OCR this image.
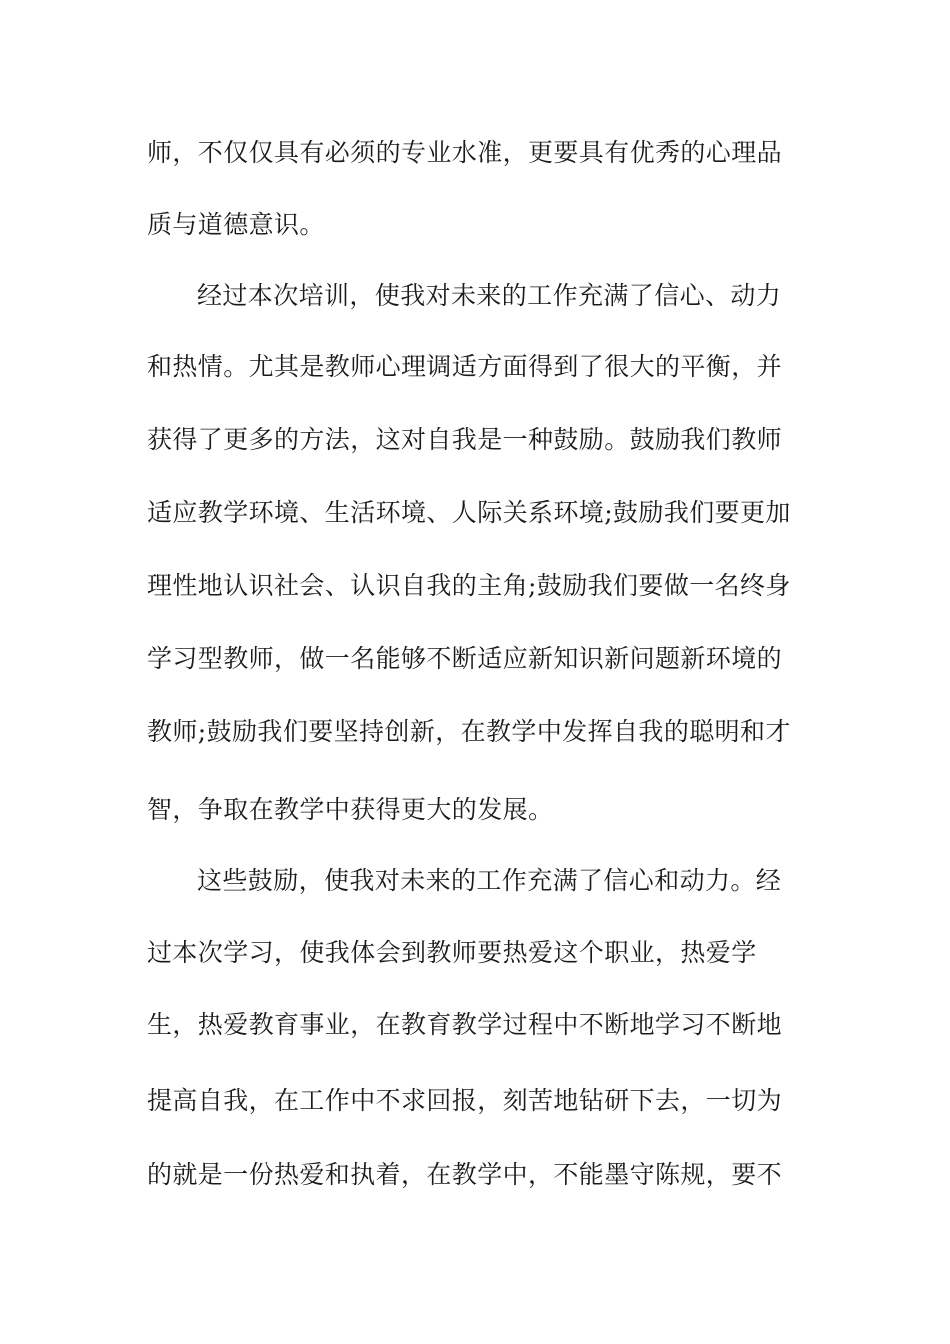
师，不仅仅具有必须的专业水准，更要具有优秀的心理品
质与道德意识。
经过本次培训，使我对未来的工作充满了信心、动力
和热情。尤其是教师心理调适方面得到了很大的平衡，并
获得了更多的方法，这对自我是一种鼓励。鼓励我们教师
适应教学环境、生活环境、人际关系环境;鼓励我们要更加
理性地认识社会、认识自我的主角;鼓励我们要做一名终身
学习型教师，做一名能够不断适应新知识新问题新环境的
教师;鼓励我们要坚持创新，在教学中发挥自我的聪明和才
智，争取在教学中获得更大的发展。
这些鼓励，使我对未来的工作充满了信心和动力。经
过本次学习，使我体会到教师要热爱这个职业，热爱学
生，热爱教育事业，在教育教学过程中不断地学习不断地
提高自我，在工作中不求回报，刻苦地钻研下去，一切为
的就是一份热爱和执着，在教学中，不能墨守陈规，要不
